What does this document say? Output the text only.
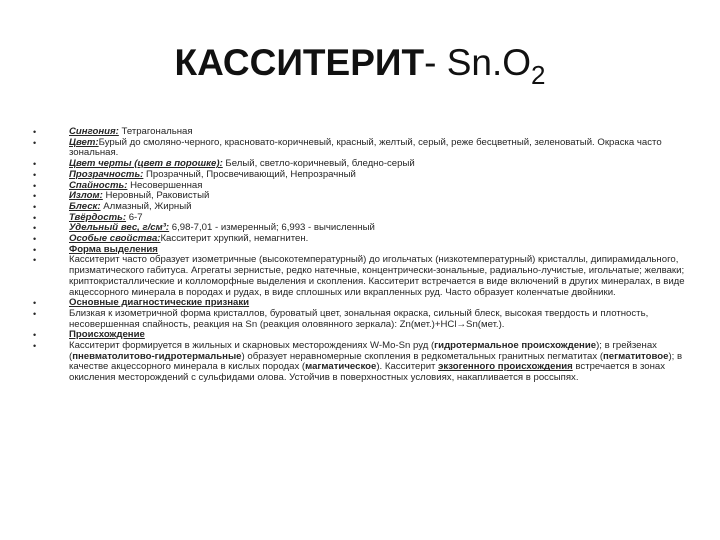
КАССИТЕРИТ- $Sn.O_2$
• Сингония: Тетрагональная
• Цвет:Бурый до смоляно-черного, красновато-коричневый, красный, желтый, серый, реже бесцветный, зеленоватый. Окраска часто зональная.
• Цвет черты (цвет в порошке): Белый, светло-коричневый, бледно-серый
• Прозрачность: Прозрачный, Просвечивающий, Непрозрачный
• Спайность: Несовершенная
• Излом: Неровный, Раковистый
• Блеск: Алмазный, Жирный
• Твёрдость: 6-7
• Удельный вес, г/см³: 6,98-7,01 - измеренный; 6,993 - вычисленный
• Особые свойства:Касситерит хрупкий, немагнитен.
• Форма выделения
• Касситерит часто образует изометричные (высокотемпературный) до игольчатых (низкотемпературный) кристаллы, дипирамидального, призматического габитуса. Агрегаты зернистые, редко натечные, концентрически-зональные, радиально-лучистые, игольчатые; желваки; криптокристаллические и колломорфные выделения и скопления. Касситерит встречается в виде включений в других минералах, в виде акцессорного минерала в породах и рудах, в виде сплошных или вкрапленных руд. Часто образует коленчатые двойники.
• Основные диагностические признаки
• Близкая к изометричной форма кристаллов, буроватый цвет, зональная окраска, сильный блеск, высокая твердость и плотность, несовершенная спайность, реакция на Sn (реакция оловянного зеркала): Zn(мет.)+HCl→Sn(мет.).
• Происхождение
• Касситерит формируется в жильных и скарновых месторождениях W-Mo-Sn руд (гидротермальное происхождение); в грейзенах (пневматолитово-гидротермальные) образует неравномерные скопления в редкометальных гранитных пегматитах (пегматитовое); в качестве акцессорного минерала в кислых породах (магматическое). Касситерит экзогенного происхождения встречается в зонах окисления месторождений с сульфидами олова. Устойчив в поверхностных условиях, накапливается в россыпях.
